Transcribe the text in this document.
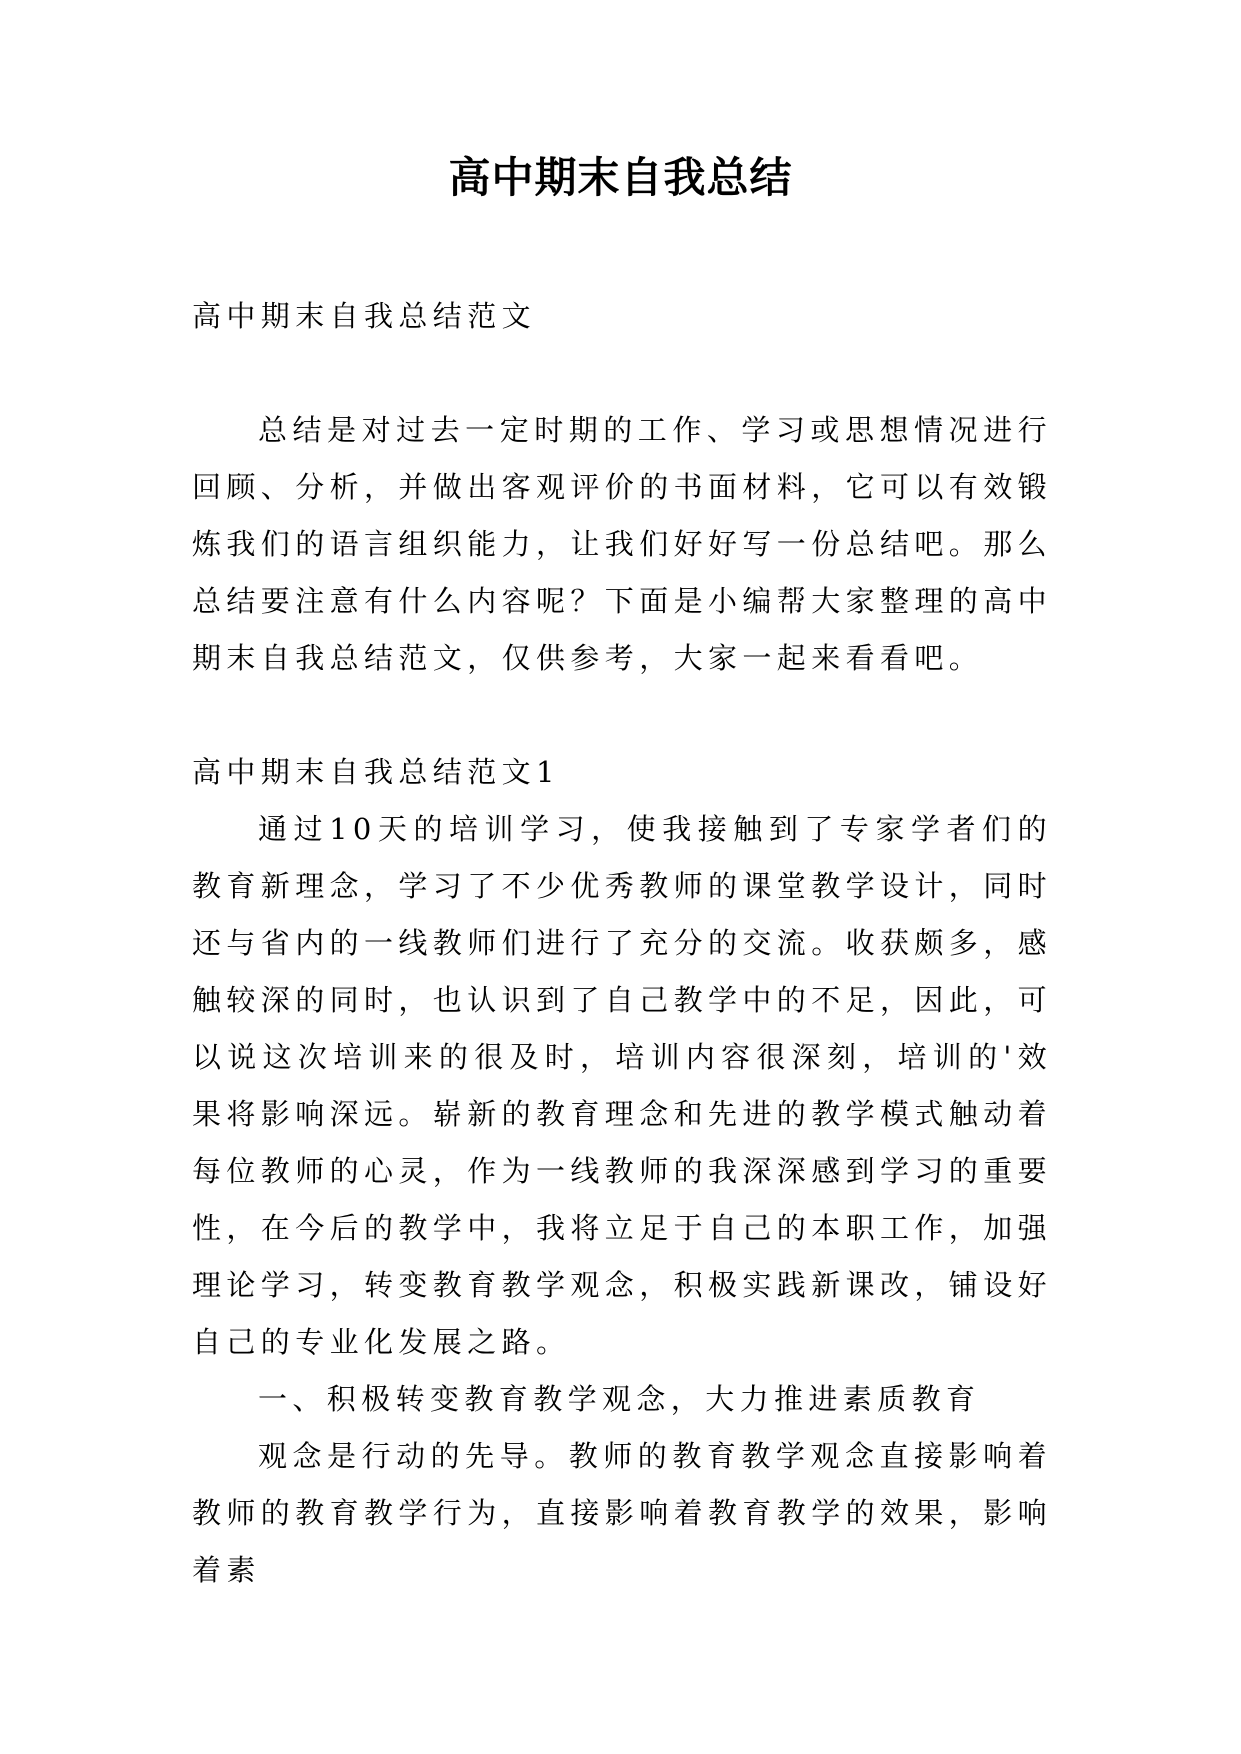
高中期末自我总结

高中期末自我总结范文

总结是对过去一定时期的工作、学习或思想情况进行回顾、分析，并做出客观评价的书面材料，它可以有效锻炼我们的语言组织能力，让我们好好写一份总结吧。那么总结要注意有什么内容呢？下面是小编帮大家整理的高中期末自我总结范文，仅供参考，大家一起来看看吧。

高中期末自我总结范文1

通过10天的培训学习，使我接触到了专家学者们的教育新理念，学习了不少优秀教师的课堂教学设计，同时还与省内的一线教师们进行了充分的交流。收获颇多，感触较深的同时，也认识到了自己教学中的不足，因此，可以说这次培训来的很及时，培训内容很深刻，培训的'效果将影响深远。崭新的教育理念和先进的教学模式触动着每位教师的心灵，作为一线教师的我深深感到学习的重要性，在今后的教学中，我将立足于自己的本职工作，加强理论学习，转变教育教学观念，积极实践新课改，铺设好自己的专业化发展之路。

一、积极转变教育教学观念，大力推进素质教育

观念是行动的先导。教师的教育教学观念直接影响着教师的教育教学行为，直接影响着教育教学的效果，影响着素
